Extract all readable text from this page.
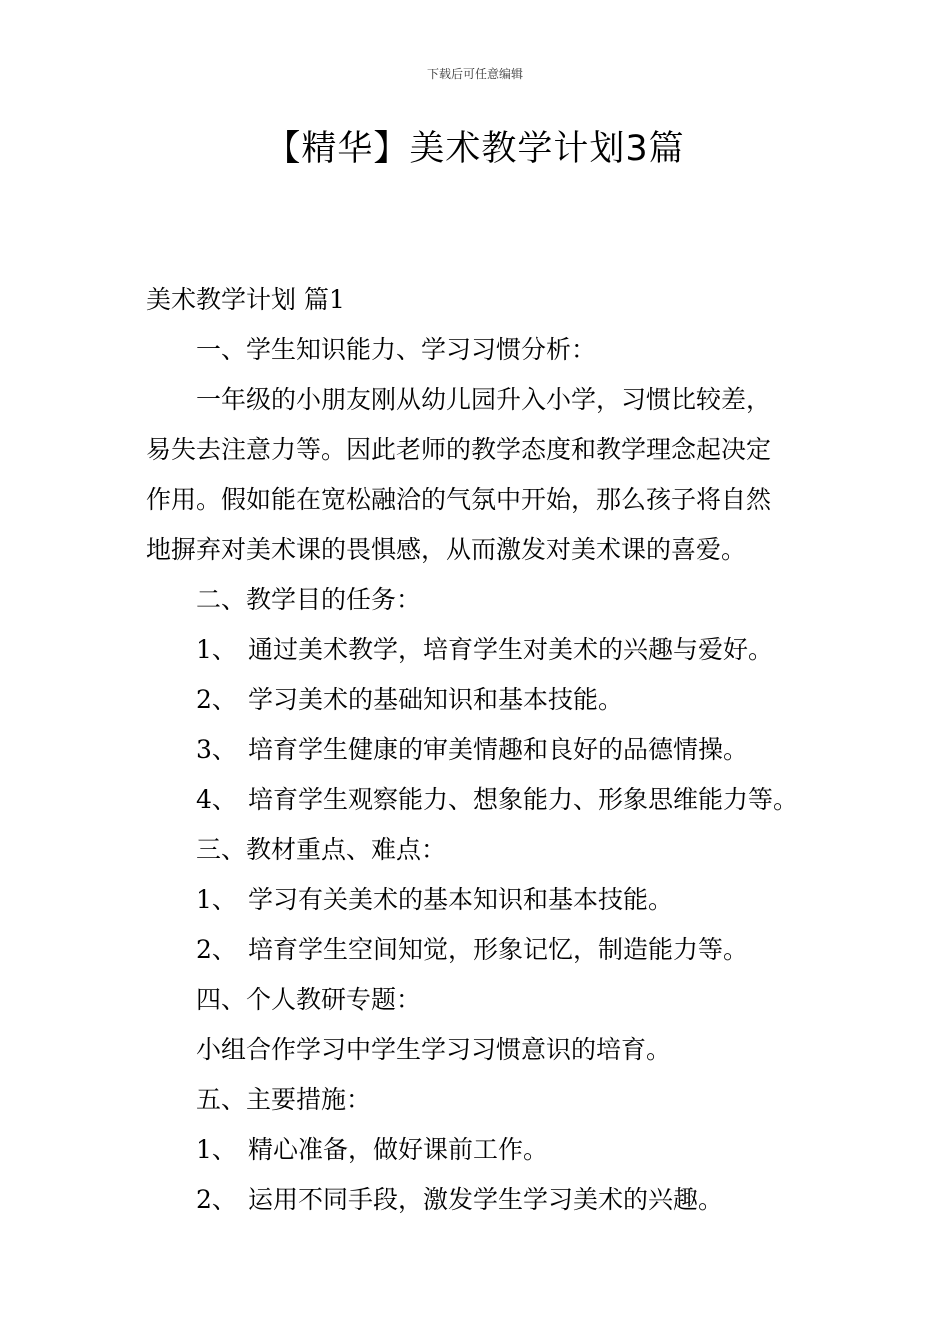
下载后可任意编辑
【精华】美术教学计划3篇

美术教学计划 篇1

一、学生知识能力、学习习惯分析：

一年级的小朋友刚从幼儿园升入小学，习惯比较差，

易失去注意力等。因此老师的教学态度和教学理念起决定

作用。假如能在宽松融洽的气氛中开始，那么孩子将自然

地摒弃对美术课的畏惧感，从而激发对美术课的喜爱。

二、教学目的任务：

1、 通过美术教学，培育学生对美术的兴趣与爱好。

2、 学习美术的基础知识和基本技能。

3、 培育学生健康的审美情趣和良好的品德情操。

4、 培育学生观察能力、想象能力、形象思维能力等。

三、教材重点、难点：

1、 学习有关美术的基本知识和基本技能。

2、 培育学生空间知觉，形象记忆，制造能力等。

四、个人教研专题：

小组合作学习中学生学习习惯意识的培育。

五、主要措施：

1、 精心准备，做好课前工作。

2、 运用不同手段，激发学生学习美术的兴趣。
